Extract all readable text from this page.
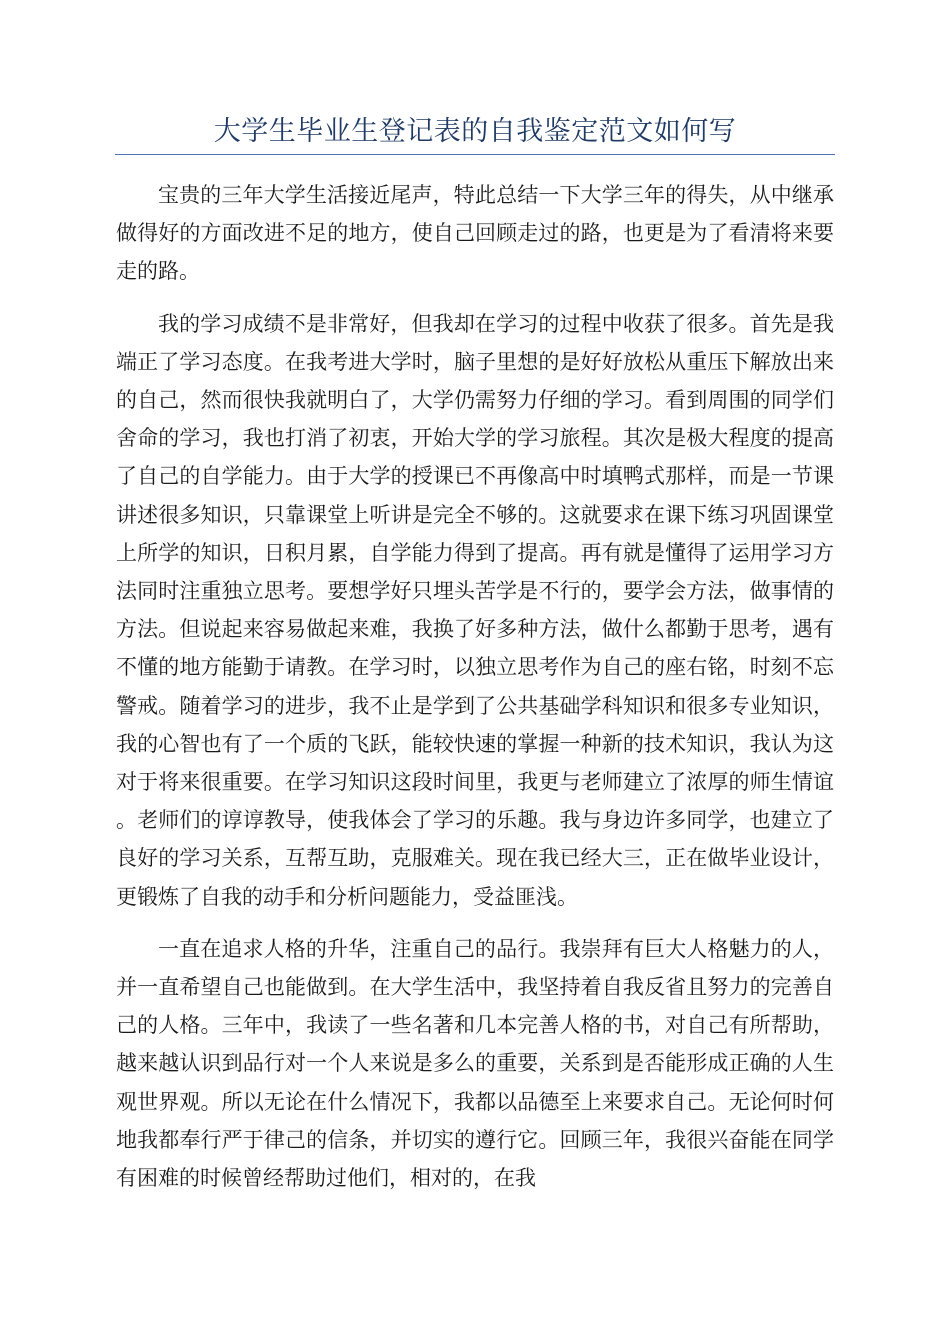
大学生毕业生登记表的自我鉴定范文如何写

宝贵的三年大学生活接近尾声，特此总结一下大学三年的得失，从中继承做得好的方面改进不足的地方，使自己回顾走过的路，也更是为了看清将来要走的路。

我的学习成绩不是非常好，但我却在学习的过程中收获了很多。首先是我端正了学习态度。在我考进大学时，脑子里想的是好好放松从重压下解放出来的自己，然而很快我就明白了，大学仍需努力仔细的学习。看到周围的同学们舍命的学习，我也打消了初衷，开始大学的学习旅程。其次是极大程度的提高了自己的自学能力。由于大学的授课已不再像高中时填鸭式那样，而是一节课讲述很多知识，只靠课堂上听讲是完全不够的。这就要求在课下练习巩固课堂上所学的知识，日积月累，自学能力得到了提高。再有就是懂得了运用学习方法同时注重独立思考。要想学好只埋头苦学是不行的，要学会方法，做事情的方法。但说起来容易做起来难，我换了好多种方法，做什么都勤于思考，遇有不懂的地方能勤于请教。在学习时，以独立思考作为自己的座右铭，时刻不忘警戒。随着学习的进步，我不止是学到了公共基础学科知识和很多专业知识，我的心智也有了一个质的飞跃，能较快速的掌握一种新的技术知识，我认为这对于将来很重要。在学习知识这段时间里，我更与老师建立了浓厚的师生情谊。老师们的谆谆教导，使我体会了学习的乐趣。我与身边许多同学，也建立了良好的学习关系，互帮互助，克服难关。现在我已经大三，正在做毕业设计，更锻炼了自我的动手和分析问题能力，受益匪浅。

一直在追求人格的升华，注重自己的品行。我崇拜有巨大人格魅力的人，并一直希望自己也能做到。在大学生活中，我坚持着自我反省且努力的完善自己的人格。三年中，我读了一些名著和几本完善人格的书，对自己有所帮助，越来越认识到品行对一个人来说是多么的重要，关系到是否能形成正确的人生观世界观。所以无论在什么情况下，我都以品德至上来要求自己。无论何时何地我都奉行严于律己的信条，并切实的遵行它。回顾三年，我很兴奋能在同学有困难的时候曾经帮助过他们，相对的，在我
